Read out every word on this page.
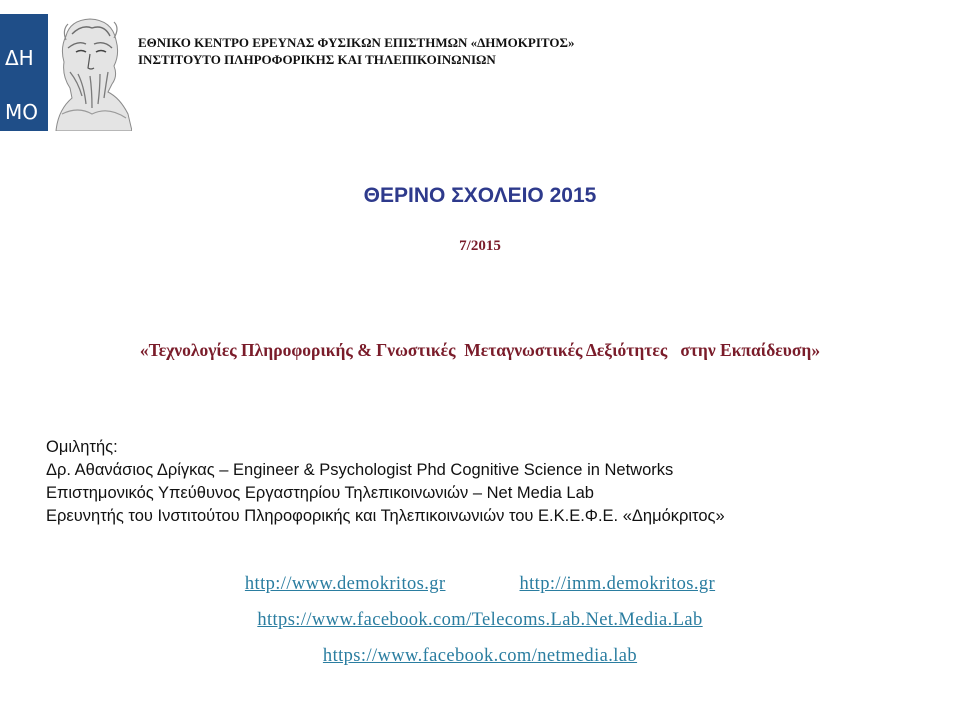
ΔΗ

ΜΟ

ΚΡΙ

ΤΟΣ

ΕΘΝΙΚΟ ΚΕΝΤΡΟ ΕΡΕΥΝΑΣ ΦΥΣΙΚΩΝ ΕΠΙΣΤΗΜΩΝ «ΔΗΜΟΚΡΙΤΟΣ»
ΙΝΣΤΙΤΟΥΤΟ ΠΛΗΡΟΦΟΡΙΚΗΣ ΚΑΙ ΤΗΛΕΠΙΚΟΙΝΩΝΙΩΝ
ΘΕΡΙΝΟ ΣΧΟΛΕΙΟ 2015
7/2015
«Τεχνολογίες Πληροφορικής & Γνωστικές  Μεταγνωστικές Δεξιότητες   στην Εκπαίδευση»
Ομιλητής:
Δρ. Αθανάσιος Δρίγκας – Engineer & Psychologist Phd Cognitive Science in Networks
Επιστημονικός Υπεύθυνος Εργαστηρίου Τηλεπικοινωνιών – Net Media Lab
Ερευνητής του Ινστιτούτου Πληροφορικής και Τηλεπικοινωνιών του Ε.Κ.Ε.Φ.Ε. «Δημόκριτος»
http://www.demokritos.gr	http://imm.demokritos.gr
https://www.facebook.com/Telecoms.Lab.Net.Media.Lab
https://www.facebook.com/netmedia.lab
